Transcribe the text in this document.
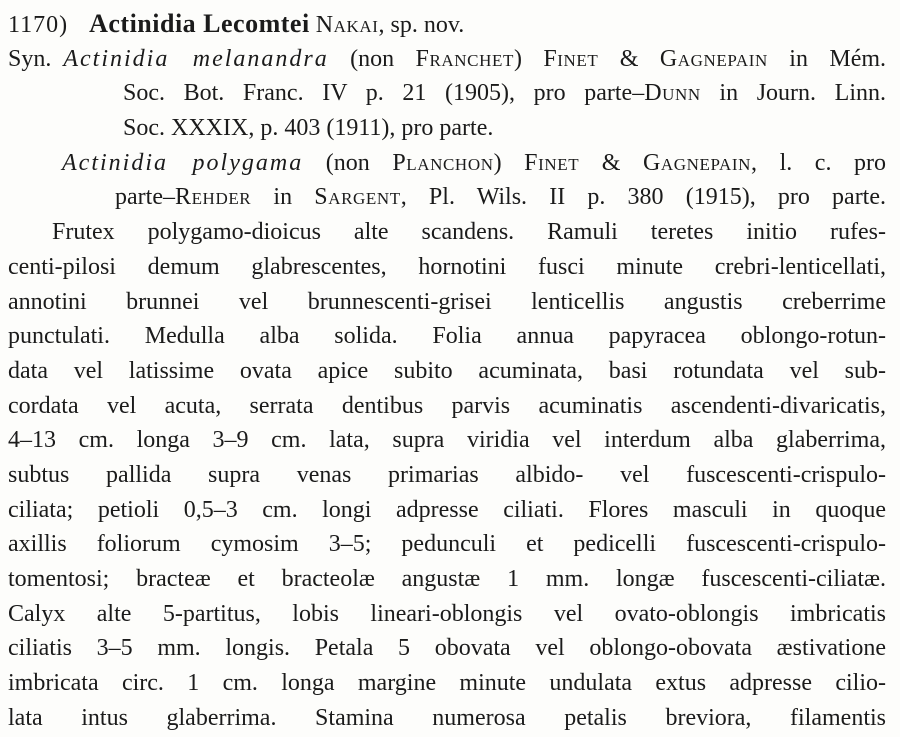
1170) Actinidia Lecomtei Nakai, sp. nov.
Syn. Actinidia melanandra (non Franchet) Finet & Gagnepain in Mém.
Soc. Bot. Franc. IV p. 21 (1905), pro parte–Dunn in Journ. Linn.
Soc. XXXIX, p. 403 (1911), pro parte.
Actinidia polygama (non Planchon) Finet & Gagnepain, l. c. pro
parte–Rehder in Sargent, Pl. Wils. II p. 380 (1915), pro parte.
Frutex polygamo-dioicus alte scandens. Ramuli teretes initio rufes-
centi-pilosi demum glabrescentes, hornotini fusci minute crebri-lenticellati,
annotini brunnei vel brunnescenti-grisei lenticellis angustis creberrime
punctulati. Medulla alba solida. Folia annua papyracea oblongo-rotun-
data vel latissime ovata apice subito acuminata, basi rotundata vel sub-
cordata vel acuta, serrata dentibus parvis acuminatis ascendenti-divaricatis,
4–13 cm. longa 3–9 cm. lata, supra viridia vel interdum alba glaberrima,
subtus pallida supra venas primarias albido- vel fuscescenti-crispulo-
ciliata; petioli 0,5–3 cm. longi adpresse ciliati. Flores masculi in quoque
axillis foliorum cymosim 3–5; pedunculi et pedicelli fuscescenti-crispulo-
tomentosi; bracteæ et bracteolæ angustæ 1 mm. longæ fuscescenti-ciliatæ.
Calyx alte 5-partitus, lobis lineari-oblongis vel ovato-oblongis imbricatis
ciliatis 3–5 mm. longis. Petala 5 obovata vel oblongo-obovata æstivatione
imbricata circ. 1 cm. longa margine minute undulata extus adpresse cilio-
lata intus glaberrima. Stamina numerosa petalis breviora, filamentis
